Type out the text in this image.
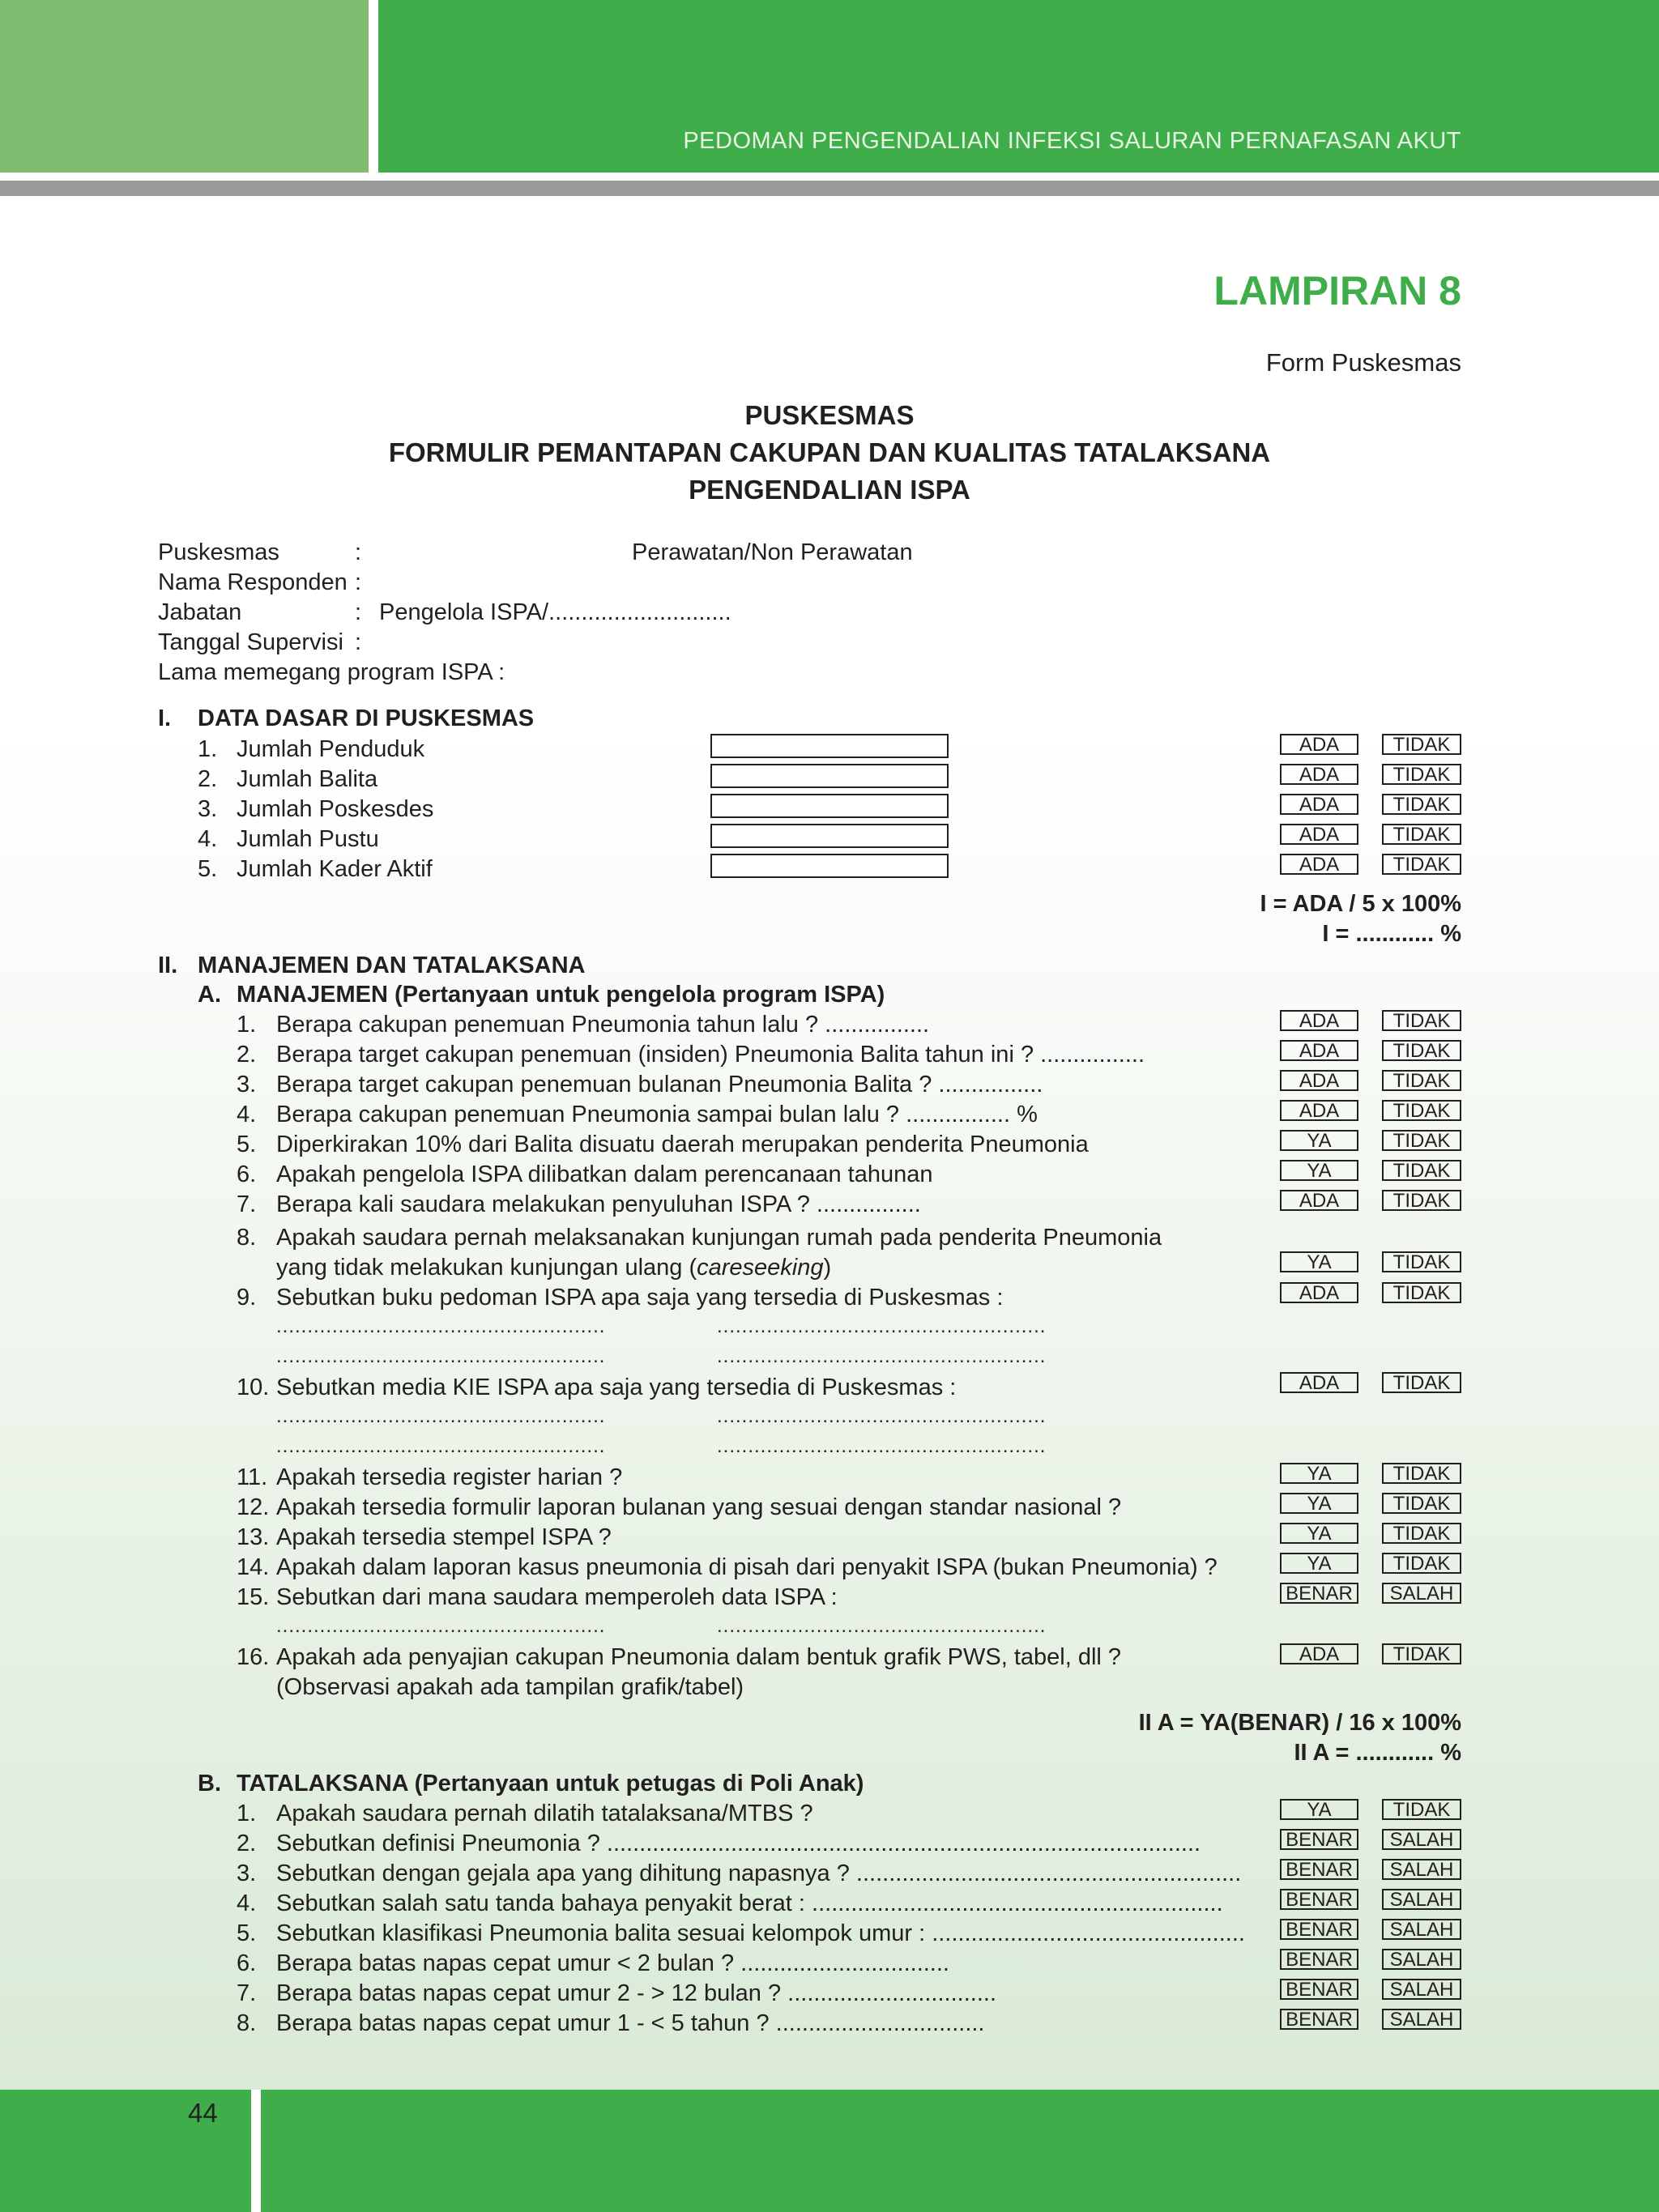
PEDOMAN PENGENDALIAN INFEKSI SALURAN PERNAFASAN AKUT
LAMPIRAN 8
Form Puskesmas
PUSKESMAS
FORMULIR PEMANTAPAN CAKUPAN DAN KUALITAS TATALAKSANA
PENGENDALIAN ISPA
Puskesmas	:	Perawatan/Non Perawatan
Nama Responden :
Jabatan	: Pengelola ISPA/............................
Tanggal Supervisi :
Lama memegang program ISPA :
I. DATA DASAR DI PUSKESMAS
1. Jumlah Penduduk	ADA	TIDAK
2. Jumlah Balita	ADA	TIDAK
3. Jumlah Poskesdes	ADA	TIDAK
4. Jumlah Pustu	ADA	TIDAK
5. Jumlah Kader Aktif	ADA	TIDAK
I = ADA / 5 x 100%
I = ............ %
II. MANAJEMEN DAN TATALAKSANA
A. MANAJEMEN (Pertanyaan untuk pengelola program ISPA)
1. Berapa cakupan penemuan Pneumonia tahun lalu ? ................	ADA	TIDAK
2. Berapa target cakupan penemuan (insiden) Pneumonia Balita tahun ini ? ................	ADA	TIDAK
3. Berapa target cakupan penemuan bulanan Pneumonia Balita ? ................	ADA	TIDAK
4. Berapa cakupan penemuan Pneumonia sampai bulan lalu ? ................ %	ADA	TIDAK
5. Diperkirakan 10% dari Balita disuatu daerah merupakan penderita Pneumonia	YA	TIDAK
6. Apakah pengelola ISPA dilibatkan dalam perencanaan tahunan	YA	TIDAK
7. Berapa kali saudara melakukan penyuluhan ISPA ? ................	ADA	TIDAK
8. Apakah saudara pernah melaksanakan kunjungan rumah pada penderita Pneumonia
yang tidak melakukan kunjungan ulang (careseeking)	YA	TIDAK
9. Sebutkan buku pedoman ISPA apa saja yang tersedia di Puskesmas :	ADA	TIDAK
.....................................................	.....................................................
.....................................................	.....................................................
10. Sebutkan media KIE ISPA apa saja yang tersedia di Puskesmas :	ADA	TIDAK
.....................................................	.....................................................
.....................................................	.....................................................
11. Apakah tersedia register harian ?	YA	TIDAK
12. Apakah tersedia formulir laporan bulanan yang sesuai dengan standar nasional ?	YA	TIDAK
13. Apakah tersedia stempel ISPA ?	YA	TIDAK
14. Apakah dalam laporan kasus pneumonia di pisah dari penyakit ISPA (bukan Pneumonia) ?	YA	TIDAK
15. Sebutkan dari mana saudara memperoleh data ISPA :	BENAR	SALAH
.....................................................	.....................................................
16. Apakah ada penyajian cakupan Pneumonia dalam bentuk grafik PWS, tabel, dll ?
(Observasi apakah ada tampilan grafik/tabel)
ADA	TIDAK
II A = YA(BENAR) / 16 x 100%
II A = ............ %
B. TATALAKSANA (Pertanyaan untuk petugas di Poli Anak)
1. Apakah saudara pernah dilatih tatalaksana/MTBS ?	YA	TIDAK
2. Sebutkan definisi Pneumonia ? ...........................................................................................	BENAR	SALAH
3. Sebutkan dengan gejala apa yang dihitung napasnya ? ........................................................... BENAR	SALAH
4. Sebutkan salah satu tanda bahaya penyakit berat : ...............................................................	BENAR	SALAH
5. Sebutkan klasifikasi Pneumonia balita sesuai kelompok umur : ................................................ BENAR	SALAH
6. Berapa batas napas cepat umur < 2 bulan ? ................................	BENAR	SALAH
7. Berapa batas napas cepat umur 2 - > 12 bulan ? ................................	BENAR	SALAH
8. Berapa batas napas cepat umur 1 - < 5 tahun ? ................................	BENAR	SALAH
44
